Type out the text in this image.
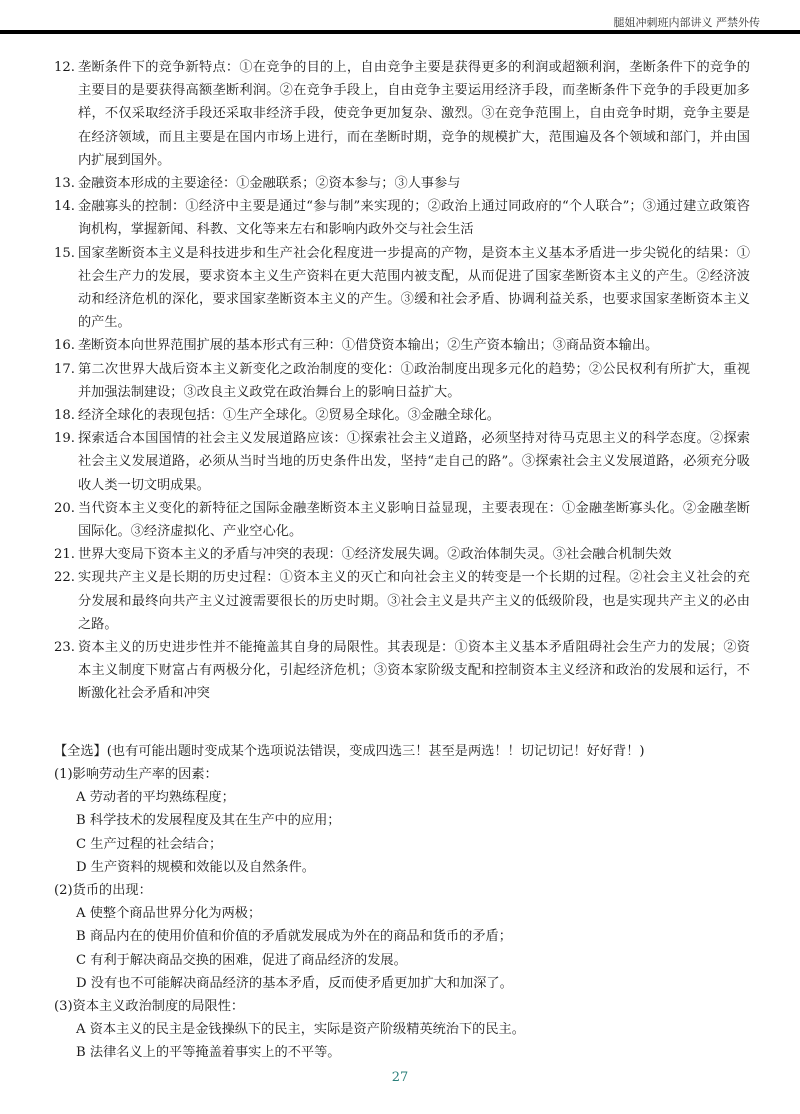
腿姐冲刺班内部讲义 严禁外传
12. 垄断条件下的竞争新特点：①在竞争的目的上，自由竞争主要是获得更多的利润或超额利润，垄断条件下的竞争的主要目的是要获得高额垄断利润。②在竞争手段上，自由竞争主要运用经济手段，而垄断条件下竞争的手段更加多样，不仅采取经济手段还采取非经济手段，使竞争更加复杂、激烈。③在竞争范围上，自由竞争时期，竞争主要是在经济领域，而且主要是在国内市场上进行，而在垄断时期，竞争的规模扩大，范围遍及各个领域和部门，并由国内扩展到国外。
13. 金融资本形成的主要途径：①金融联系；②资本参与；③人事参与
14. 金融寡头的控制：①经济中主要是通过“参与制”来实现的；②政治上通过同政府的“个人联合”；③通过建立政策咨询机构，掌握新闻、科教、文化等来左右和影响内政外交与社会生活
15. 国家垄断资本主义是科技进步和生产社会化程度进一步提高的产物，是资本主义基本矛盾进一步尖锐化的结果：①社会生产力的发展，要求资本主义生产资料在更大范围内被支配，从而促进了国家垄断资本主义的产生。②经济波动和经济危机的深化，要求国家垄断资本主义的产生。③缓和社会矛盾、协调利益关系，也要求国家垄断资本主义的产生。
16. 垄断资本向世界范围扩展的基本形式有三种：①借贷资本输出；②生产资本输出；③商品资本输出。
17. 第二次世界大战后资本主义新变化之政治制度的变化：①政治制度出现多元化的趋势；②公民权利有所扩大，重视并加强法制建设；③改良主义政党在政治舞台上的影响日益扩大。
18. 经济全球化的表现包括：①生产全球化。②贸易全球化。③金融全球化。
19. 探索适合本国国情的社会主义发展道路应该：①探索社会主义道路，必须坚持对待马克思主义的科学态度。②探索社会主义发展道路，必须从当时当地的历史条件出发，坚持“走自己的路”。③探索社会主义发展道路，必须充分吸收人类一切文明成果。
20. 当代资本主义变化的新特征之国际金融垄断资本主义影响日益显现，主要表现在：①金融垄断寡头化。②金融垄断国际化。③经济虚拟化、产业空心化。
21. 世界大变局下资本主义的矛盾与冲突的表现：①经济发展失调。②政治体制失灵。③社会融合机制失效
22. 实现共产主义是长期的历史过程：①资本主义的灭亡和向社会主义的转变是一个长期的过程。②社会主义社会的充分发展和最终向共产主义过渡需要很长的历史时期。③社会主义是共产主义的低级阶段，也是实现共产主义的必由之路。
23. 资本主义的历史进步性并不能掩盖其自身的局限性。其表现是：①资本主义基本矛盾阻碍社会生产力的发展；②资本主义制度下财富占有两极分化，引起经济危机；③资本家阶级支配和控制资本主义经济和政治的发展和运行，不断激化社会矛盾和冲突
【全选】(也有可能出题时变成某个选项说法错误，变成四选三！甚至是两选！！切记切记！好好背！)
(1)影响劳动生产率的因素：
A 劳动者的平均熟练程度；
B 科学技术的发展程度及其在生产中的应用；
C 生产过程的社会结合；
D 生产资料的规模和效能以及自然条件。
(2)货币的出现：
A 使整个商品世界分化为两极；
B 商品内在的使用价值和价值的矛盾就发展成为外在的商品和货币的矛盾；
C 有利于解决商品交换的困难，促进了商品经济的发展。
D 没有也不可能解决商品经济的基本矛盾，反而使矛盾更加扩大和加深了。
(3)资本主义政治制度的局限性：
A 资本主义的民主是金钱操纵下的民主，实际是资产阶级精英统治下的民主。
B 法律名义上的平等掩盖着事实上的不平等。
27
